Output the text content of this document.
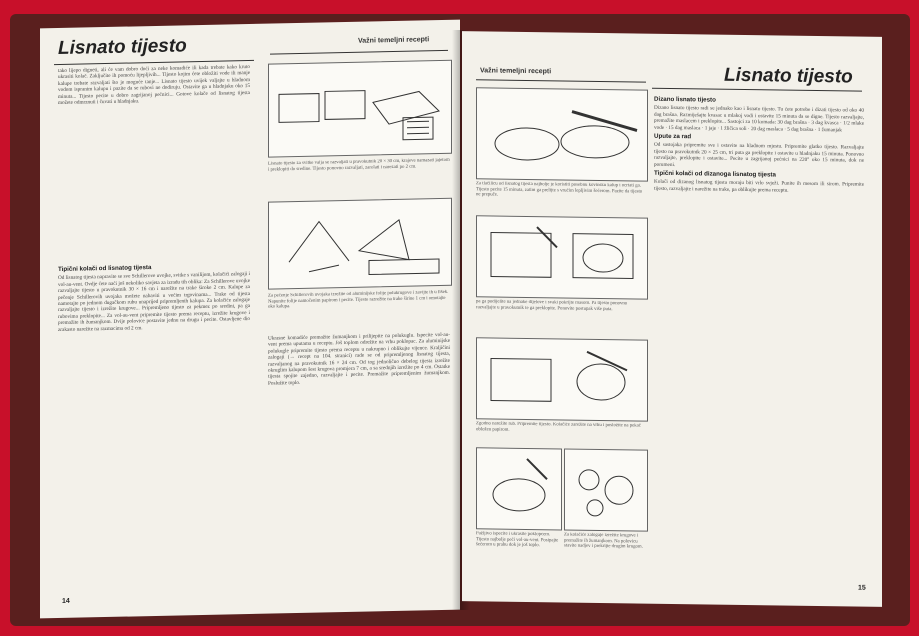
Lisnato tijesto	Važni temeljni recepti
tako lijepo digneti, ali će vam dobro doći za neke komadiće ili kada trebate kako kruto ukrasiti kolač. Zaključite ih pomoću lijepljivih... Tijesto kojim ćete obložiti vode ili manje kalupe trebate razvaljati što je moguće tanje... Lisnato tijesto uvijek valjajte u hladnom vodom ispranim kalupu i pazite da se rubovi ne dodiruju. Ostavite ga u hladnjaku oko 15 minuta... Tijesto pecite u dobro zagrijanoj pećnici... Gotove kolače od lisnatog tijesta možete odmrznuti i čuvati u hladnjaku.
Tipični kolači od lisnatog tijesta

Od lisnatog tijesta napravite se sve Schillerove uvojke, svitke s vanilijom, kolačići zalogaji i vol-au-vent. Ovdje ćete naći još nekoliko savjeta za izradu tih oblika: Za Schillerove uvojke razvaljajte tijesto u pravokutnik 30 × 16 cm i narežite na trake široke 2 cm. Kalupe za pečenje Schillerovih uvojaka možete nabaviti u većim trgovinama... Trake od tijesta namotajte po jednom dugačkom rubu unaprijed pripremljenih kalupa. Za kolačiće zalogaje razvaljajte tijesto i izrežite krugove... Pripremljeno tijesto za pekmez po sredini, pa ga rubovima preklopite... Za vol-au-vent pripremite tijesto prema receptu, izrežite krugove i premažite ih žumanjkom. Dvije polovice postavite jednu na drugu i pecite. Ostavljene dio zrakasto narežite na razmacima od 2 cm.

Lisnato tijesto za svitke valja se razvaljati u pravokutnik 20 × 30 cm, krajeve namazati jajetom i preklopiti do sredine. Tijesto ponovno razvaljati, zarolati i narezati po 2 cm.
Za pečenje Schillerovih uvojaka izrežite od aluminijske folije polukrugove i zavijte ih u fišek. Napunite folije namočenim papirom i pecite. Tijesto razrežite na trake širine 1 cm i omotajte oko kalupa.
Ukrasne komadiće premažite žumanjkom i prilijepite na polukuglu. Ispecite vol-au-vent prema uputama u receptu. Još toplom odrežite na vrhu poklopac. Za aluminijske polukugle pripremite tijesto prema receptu u nakrupno i oblikujte vijence. Kraljičini zalogaji (→ recept na 104. stranici) rade se od pripremljenog lisnatog tijesta, razvaljanog na pravokutnik 16 × 24 cm. Od tog jednolično debelog tijesta izrežite okruglim kalupom šest krugova promjera 7 cm, a sa srednjih izrežite po 4 cm. Ostatke tijesta spojite zajedno, razvaljajte i pecite. Premažite pripremljenim žumanjkom. Poslužite toplo.
14
Važni temeljni recepti	Lisnato tijesto
Za tlačilicu od lisnatog tijesta najbolje je koristiti posebnu kovinsku kalup i ocrtati ga. Tijesto pecite 15 minuta, zatim ga prelijte s vrućim lepljivim šećerom. Pazite da tijesto ne prepuče.
pa ga podijelite na jednake dijelove i svaki pokrijte masom. Pa tijesto ponovno razvaljajte u pravokutnik te ga preklopite. Ponovite postupak više puta.
Zgodno narežite rub. Pripremite tijesto. Kolačiće zarežite na vrhu i posložite na pekač obložen papirom.
Pažljivo ispecite i ukrasite poklopcem. Tijesto najbolje peći vol-au-vent. Posipajte šećerom u prahu dok je još toplo.
Za kolačiće zalogaje izrežite krugove i premažite ih žumanjkom. Na polovicu stavite nadjev i prekrijte drugim krugom.
Dizano lisnato tijesto

Dizano lisnato tijesto radi se jednako kao i lisnato tijesto. Tu ćete potrebe i dizati tijesto od oko 40 dag brašna. Razmiješajte kvasac u mlakoj vodi i ostavite 15 minuta da se digne. Tijesto razvaljajte, premažite maslacem i preklopite... Sastojci za 10 komada: 30 dag brašna · 3 dag kvasca · 1/2 mlake vode · 15 dag maslaca · 1 jaje · 1 žličica soli · 20 dag maslaca · 5 dag brašna · 1 žumanjak

Upute za rad

Od sastojaka pripremite sve i ostavite na hladnom mjestu. Pripremite glatko tijesto. Razvaljajte tijesto na pravokutnik 20 × 25 cm, tri puta ga preklopite i ostavite u hladnjaku 15 minuta. Ponovno razvaljajte, preklopite i ostavite... Pecite u zagrijanoj pećnici na 220° oko 15 minuta, dok ne porumeni.

Tipični kolači od dizanoga lisnatog tijesta

Kolači od dizanog lisnatog tijesta moraju biti vrlo svježi. Punite ih mesom ili sirom. Pripremite tijesto, razvaljajte i narežite na trake, pa oblikujte prema receptu.

15
